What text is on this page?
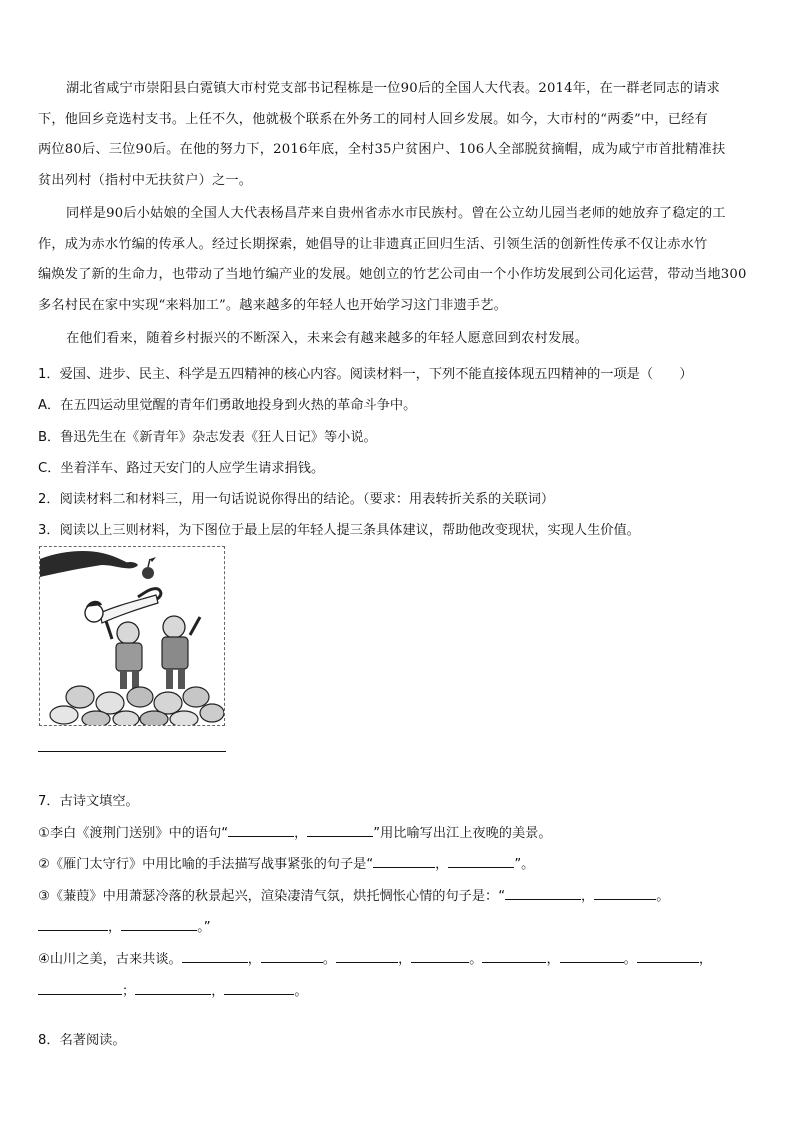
湖北省咸宁市崇阳县白霓镇大市村党支部书记程栋是一位90后的全国人大代表。2014年，在一群老同志的请求
下，他回乡竞选村支书。上任不久，他就极个联系在外务工的同村人回乡发展。如今，大市村的“两委”中，已经有
两位80后、三位90后。在他的努力下，2016年底，全村35户贫困户、106人全部脱贫摘帽，成为咸宁市首批精准扶
贫出列村（指村中无扶贫户）之一。
同样是90后小姑娘的全国人大代表杨昌芹来自贵州省赤水市民族村。曾在公立幼儿园当老师的她放弃了稳定的工
作，成为赤水竹编的传承人。经过长期探索，她倡导的让非遗真正回归生活、引领生活的创新性传承不仅让赤水竹
编焕发了新的生命力，也带动了当地竹编产业的发展。她创立的竹艺公司由一个小作坊发展到公司化运营，带动当地300
多名村民在家中实现“来料加工”。越来越多的年轻人也开始学习这门非遗手艺。
在他们看来，随着乡村振兴的不断深入，未来会有越来越多的年轻人愿意回到农村发展。
1．爱国、进步、民主、科学是五四精神的核心内容。阅读材料一，下列不能直接体现五四精神的一项是（　　）
A．在五四运动里觉醒的青年们勇敢地投身到火热的革命斗争中。
B．鲁迅先生在《新青年》杂志发表《狂人日记》等小说。
C．坐着洋车、路过天安门的人应学生请求捐钱。
2．阅读材料二和材料三，用一句话说说你得出的结论。（要求：用表转折关系的关联词）
3．阅读以上三则材料，为下图位于最上层的年轻人提三条具体建议，帮助他改变现状，实现人生价值。
7．古诗文填空。
①李白《渡荆门送别》中的语句“	，	”用比喻写出江上夜晚的美景。
②《雁门太守行》中用比喻的手法描写战事紧张的句子是“	，	”。
③《蒹葭》中用萧瑟冷落的秋景起兴，渲染凄清气氛，烘托惆怅心情的句子是：“	，	。
，	。”
④山川之美，古来共谈。	，	。	，	。	，	。	，
；	，	。
8．名著阅读。
